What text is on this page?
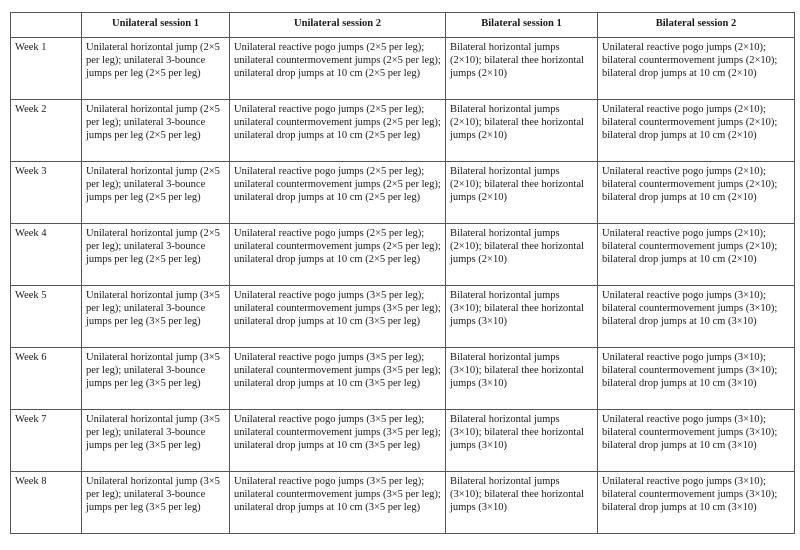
	Unilateral session 1	Unilateral session 2	Bilateral session 1	Bilateral session 2
Week 1	Unilateral horizontal jump (2×5 per leg); unilateral 3-bounce jumps per leg (2×5 per leg)	Unilateral reactive pogo jumps (2×5 per leg); unilateral countermovement jumps (2×5 per leg); unilateral drop jumps at 10 cm (2×5 per leg)	Bilateral horizontal jumps (2×10); bilateral thee horizontal jumps (2×10)	Unilateral reactive pogo jumps (2×10); bilateral countermovement jumps (2×10); bilateral drop jumps at 10 cm (2×10)
Week 2	Unilateral horizontal jump (2×5 per leg); unilateral 3-bounce jumps per leg (2×5 per leg)	Unilateral reactive pogo jumps (2×5 per leg); unilateral countermovement jumps (2×5 per leg); unilateral drop jumps at 10 cm (2×5 per leg)	Bilateral horizontal jumps (2×10); bilateral thee horizontal jumps (2×10)	Unilateral reactive pogo jumps (2×10); bilateral countermovement jumps (2×10); bilateral drop jumps at 10 cm (2×10)
Week 3	Unilateral horizontal jump (2×5 per leg); unilateral 3-bounce jumps per leg (2×5 per leg)	Unilateral reactive pogo jumps (2×5 per leg); unilateral countermovement jumps (2×5 per leg); unilateral drop jumps at 10 cm (2×5 per leg)	Bilateral horizontal jumps (2×10); bilateral thee horizontal jumps (2×10)	Unilateral reactive pogo jumps (2×10); bilateral countermovement jumps (2×10); bilateral drop jumps at 10 cm (2×10)
Week 4	Unilateral horizontal jump (2×5 per leg); unilateral 3-bounce jumps per leg (2×5 per leg)	Unilateral reactive pogo jumps (2×5 per leg); unilateral countermovement jumps (2×5 per leg); unilateral drop jumps at 10 cm (2×5 per leg)	Bilateral horizontal jumps (2×10); bilateral thee horizontal jumps (2×10)	Unilateral reactive pogo jumps (2×10); bilateral countermovement jumps (2×10); bilateral drop jumps at 10 cm (2×10)
Week 5	Unilateral horizontal jump (3×5 per leg); unilateral 3-bounce jumps per leg (3×5 per leg)	Unilateral reactive pogo jumps (3×5 per leg); unilateral countermovement jumps (3×5 per leg); unilateral drop jumps at 10 cm (3×5 per leg)	Bilateral horizontal jumps (3×10); bilateral thee horizontal jumps (3×10)	Unilateral reactive pogo jumps (3×10); bilateral countermovement jumps (3×10); bilateral drop jumps at 10 cm (3×10)
Week 6	Unilateral horizontal jump (3×5 per leg); unilateral 3-bounce jumps per leg (3×5 per leg)	Unilateral reactive pogo jumps (3×5 per leg); unilateral countermovement jumps (3×5 per leg); unilateral drop jumps at 10 cm (3×5 per leg)	Bilateral horizontal jumps (3×10); bilateral thee horizontal jumps (3×10)	Unilateral reactive pogo jumps (3×10); bilateral countermovement jumps (3×10); bilateral drop jumps at 10 cm (3×10)
Week 7	Unilateral horizontal jump (3×5 per leg); unilateral 3-bounce jumps per leg (3×5 per leg)	Unilateral reactive pogo jumps (3×5 per leg); unilateral countermovement jumps (3×5 per leg); unilateral drop jumps at 10 cm (3×5 per leg)	Bilateral horizontal jumps (3×10); bilateral thee horizontal jumps (3×10)	Unilateral reactive pogo jumps (3×10); bilateral countermovement jumps (3×10); bilateral drop jumps at 10 cm (3×10)
Week 8	Unilateral horizontal jump (3×5 per leg); unilateral 3-bounce jumps per leg (3×5 per leg)	Unilateral reactive pogo jumps (3×5 per leg); unilateral countermovement jumps (3×5 per leg); unilateral drop jumps at 10 cm (3×5 per leg)	Bilateral horizontal jumps (3×10); bilateral thee horizontal jumps (3×10)	Unilateral reactive pogo jumps (3×10); bilateral countermovement jumps (3×10); bilateral drop jumps at 10 cm (3×10)
